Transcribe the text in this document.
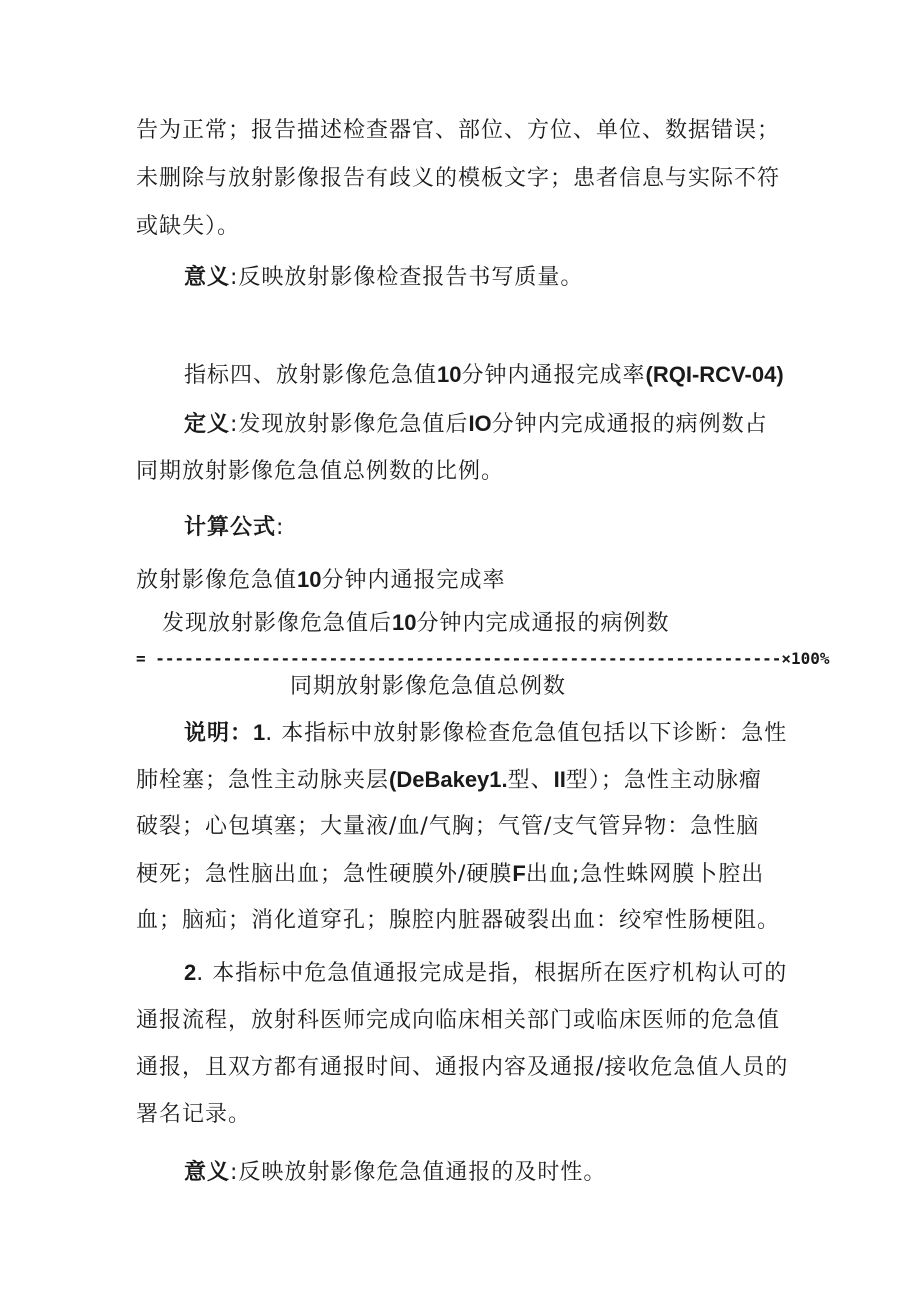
告为正常；报告描述检查器官、部位、方位、单位、数据错误；
未删除与放射影像报告有歧义的模板文字；患者信息与实际不符
或缺失）。
意义:反映放射影像检查报告书写质量。
指标四、放射影像危急值10分钟内通报完成率(RQI-RCV-04)
定义:发现放射影像危急值后IO分钟内完成通报的病例数占
同期放射影像危急值总例数的比例。
计算公式:
放射影像危急值10分钟内通报完成率
发现放射影像危急值后10分钟内完成通报的病例数
= -----------------------------------------------------------------×100%
同期放射影像危急值总例数
说明：1. 本指标中放射影像检查危急值包括以下诊断：急性
肺栓塞；急性主动脉夹层(DeBakey1.型、II型）；急性主动脉瘤
破裂；心包填塞；大量液/血/气胸；气管/支气管异物：急性脑
梗死；急性脑出血；急性硬膜外/硬膜F出血;急性蛛网膜卜腔出
血；脑疝；消化道穿孔；腺腔内脏器破裂出血：绞窄性肠梗阻。
2. 本指标中危急值通报完成是指，根据所在医疗机构认可的
通报流程，放射科医师完成向临床相关部门或临床医师的危急值
通报，且双方都有通报时间、通报内容及通报/接收危急值人员的
署名记录。
意义:反映放射影像危急值通报的及时性。
